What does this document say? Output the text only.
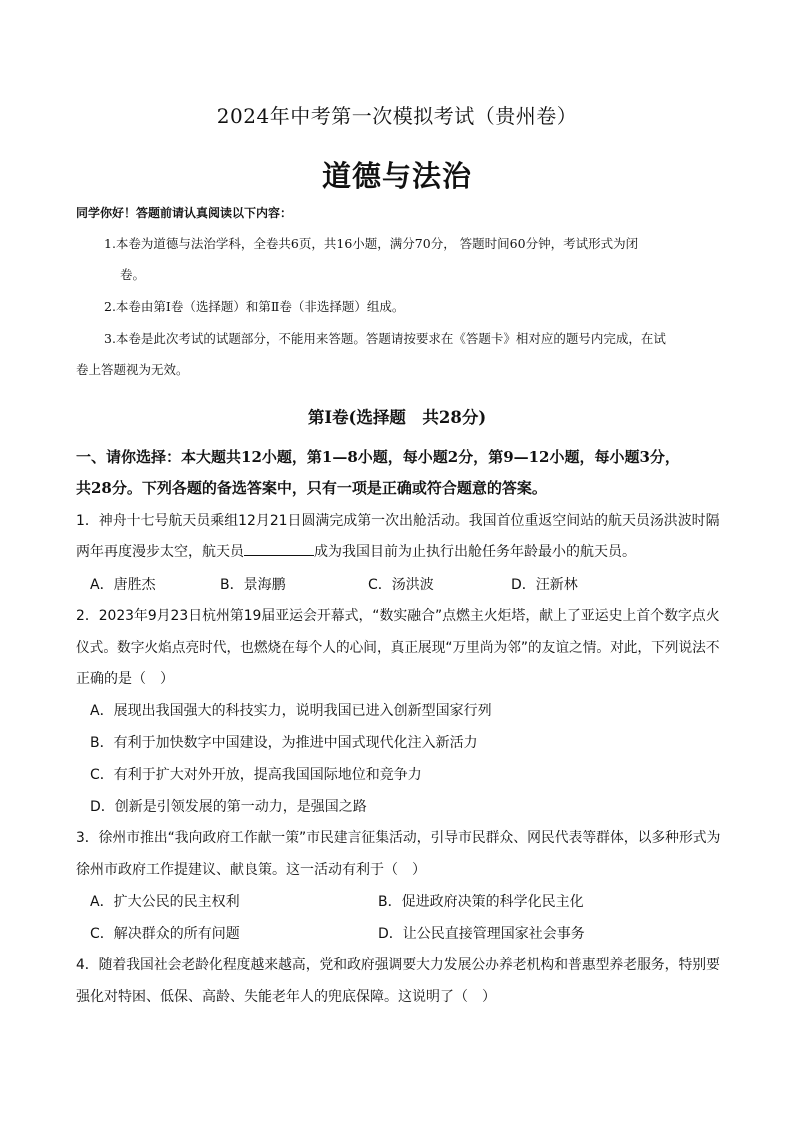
2024年中考第一次模拟考试（贵州卷）
道德与法治
同学你好！答题前请认真阅读以下内容：
1.本卷为道德与法治学科，全卷共6页，共16小题，满分70分， 答题时间60分钟，考试形式为闭
卷。
2.本卷由第Ⅰ卷（选择题）和第Ⅱ卷（非选择题）组成。
3.本卷是此次考试的试题部分，不能用来答题。答题请按要求在《答题卡》相对应的题号内完成，在试
卷上答题视为无效。
第Ⅰ卷(选择题　共28分)
一、请你选择：本大题共12小题，第1—8小题，每小题2分，第9—12小题，每小题3分，
共28分。下列各题的备选答案中，只有一项是正确或符合题意的答案。
1．神舟十七号航天员乘组12月21日圆满完成第一次出舱活动。我国首位重返空间站的航天员汤洪波时隔
两年再度漫步太空，航天员	成为我国目前为止执行出舱任务年龄最小的航天员。
A．唐胜杰	B．景海鹏	C．汤洪波	D．汪新林
2．2023年9月23日杭州第19届亚运会开幕式，“数实融合”点燃主火炬塔，献上了亚运史上首个数字点火
仪式。数字火焰点亮时代，也燃烧在每个人的心间，真正展现“万里尚为邻”的友谊之情。对此，下列说法不
正确的是（　）
A．展现出我国强大的科技实力，说明我国已进入创新型国家行列
B．有利于加快数字中国建设，为推进中国式现代化注入新活力
C．有利于扩大对外开放，提高我国国际地位和竞争力
D．创新是引领发展的第一动力，是强国之路
3．徐州市推出“我向政府工作献一策”市民建言征集活动，引导市民群众、网民代表等群体，以多种形式为
徐州市政府工作提建议、献良策。这一活动有利于（　）
A．扩大公民的民主权利	B．促进政府决策的科学化民主化
C．解决群众的所有问题	D．让公民直接管理国家社会事务
4．随着我国社会老龄化程度越来越高，党和政府强调要大力发展公办养老机构和普惠型养老服务，特别要
强化对特困、低保、高龄、失能老年人的兜底保障。这说明了（　）
